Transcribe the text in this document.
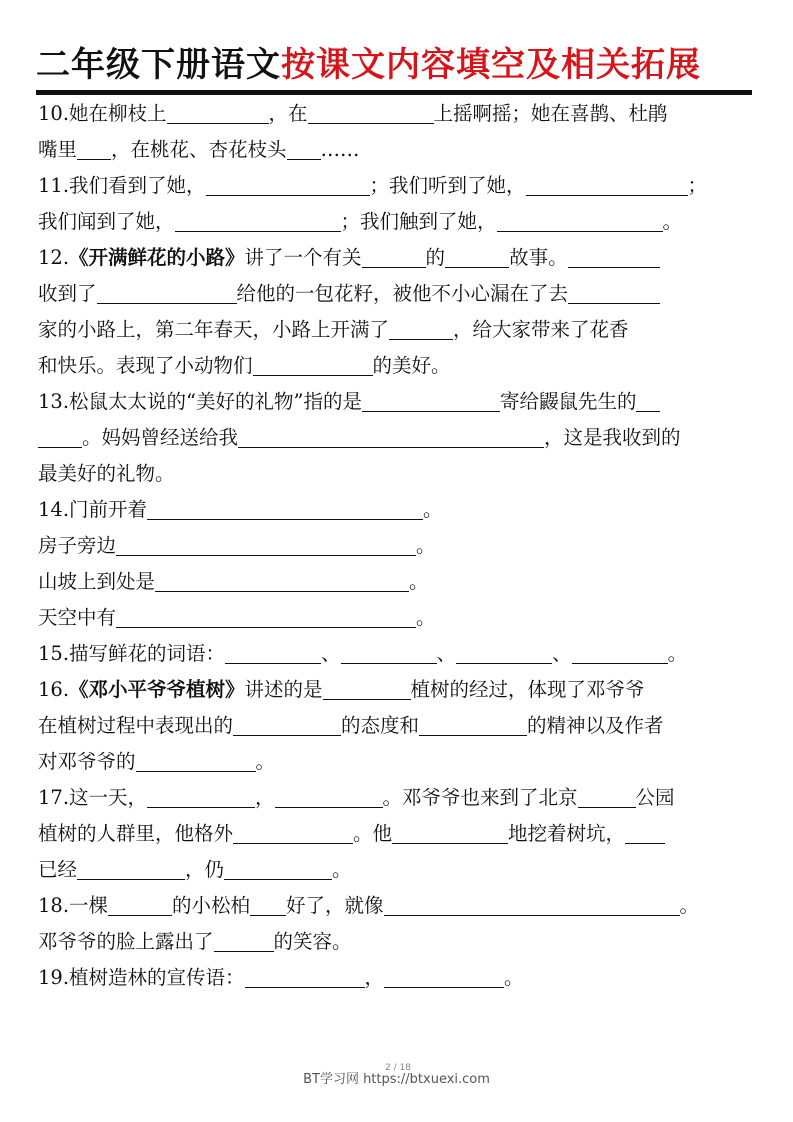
二年级下册语文按课文内容填空及相关拓展
10.她在柳枝上	，在	上摇啊摇；她在喜鹊、杜鹃
嘴里 ，在桃花、杏花枝头 ……
11.我们看到了她，	；我们听到了她，	；
我们闻到了她，	；我们触到了她，	。
12.《开满鲜花的小路》讲了一个有关	的	故事。
收到了	给他的一包花籽，被他不小心漏在了去
家的小路上，第二年春天，小路上开满了	，给大家带来了花香
和快乐。表现了小动物们	的美好。
13.松鼠太太说的“美好的礼物”指的是	寄给鼹鼠先生的
。妈妈曾经送给我	，这是我收到的
最美好的礼物。
14.门前开着	。
房子旁边	。
山坡上到处是	。
天空中有	。
15.描写鲜花的词语：	、	、	、	。
16.《邓小平爷爷植树》讲述的是	植树的经过，体现了邓爷爷
在植树过程中表现出的	的态度和	的精神以及作者
对邓爷爷的	。
17.这一天，	，	。邓爷爷也来到了北京	公园
植树的人群里，他格外	。他	地挖着树坑，
已经	，仍	。
18.一棵	的小松柏 好了，就像	。
邓爷爷的脸上露出了	的笑容。
19.植树造林的宣传语：	，	。
2 / 18
BT学习网 https://btxuexi.com
